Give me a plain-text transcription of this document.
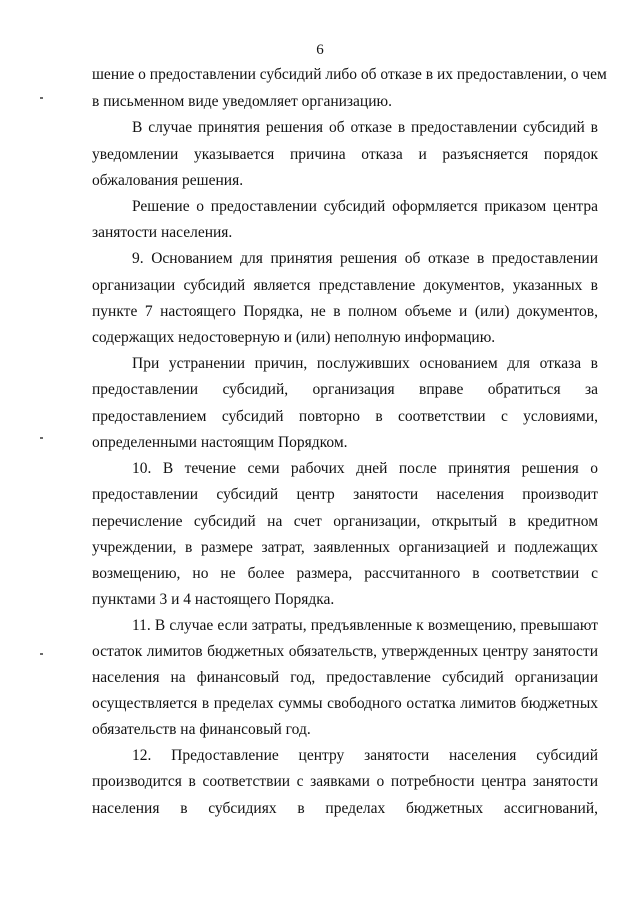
6
шение о предоставлении субсидий либо об отказе в их предоставлении, о чем
в письменном виде уведомляет организацию.
В случае принятия решения об отказе в предоставлении субсидий в
уведомлении указывается причина отказа и разъясняется порядок
обжалования решения.
Решение о предоставлении субсидий оформляется приказом центра
занятости населения.
9. Основанием для принятия решения об отказе в предоставлении
организации субсидий является представление документов, указанных в
пункте 7 настоящего Порядка, не в полном объеме и (или) документов,
содержащих недостоверную и (или) неполную информацию.
При устранении причин, послуживших основанием для отказа в
предоставлении субсидий, организация вправе обратиться за
предоставлением субсидий повторно в соответствии с условиями,
определенными настоящим Порядком.
10. В течение семи рабочих дней после принятия решения о
предоставлении субсидий центр занятости населения производит
перечисление субсидий на счет организации, открытый в кредитном
учреждении, в размере затрат, заявленных организацией и подлежащих
возмещению, но не более размера, рассчитанного в соответствии с
пунктами 3 и 4 настоящего Порядка.
11. В случае если затраты, предъявленные к возмещению, превышают
остаток лимитов бюджетных обязательств, утвержденных центру занятости
населения на финансовый год, предоставление субсидий организации
осуществляется в пределах суммы свободного остатка лимитов бюджетных
обязательств на финансовый год.
12. Предоставление центру занятости населения субсидий
производится в соответствии с заявками о потребности центра занятости
населения в субсидиях в пределах бюджетных ассигнований,
